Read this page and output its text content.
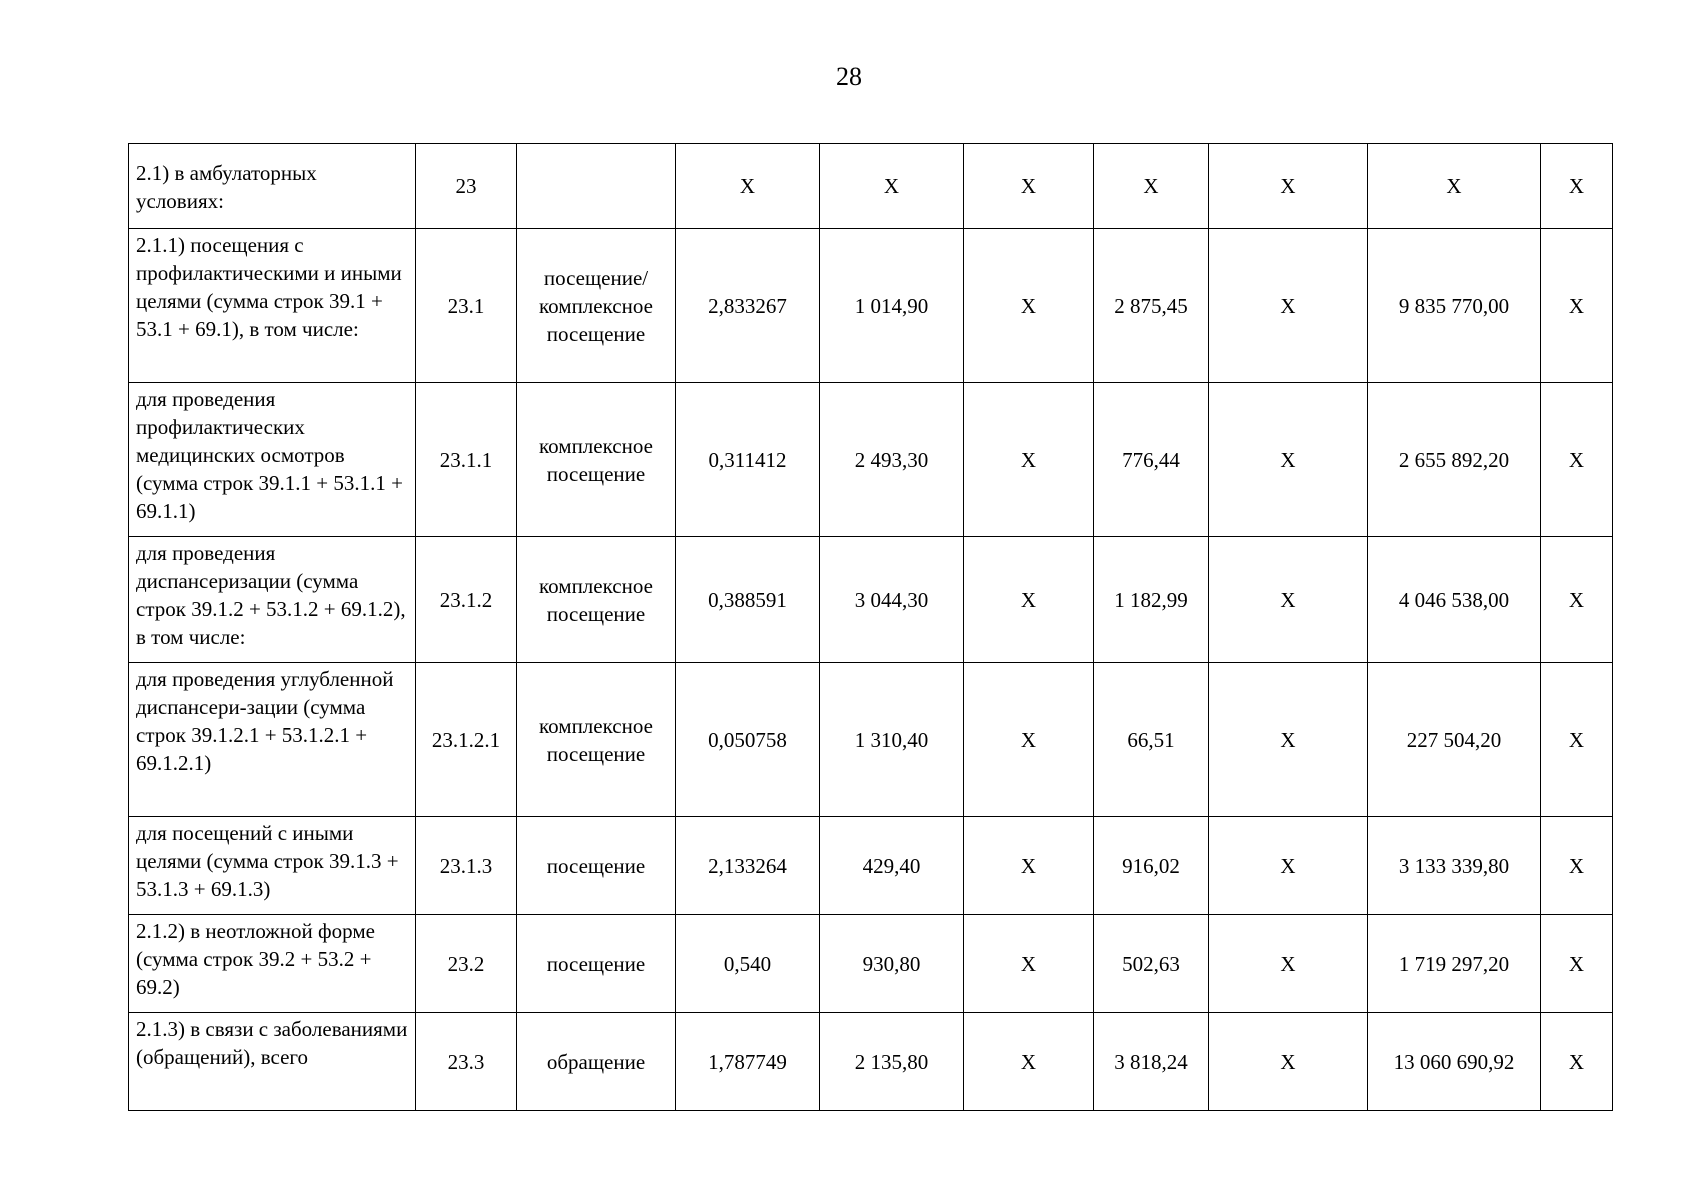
28
2.1) в амбулаторных условиях:	23		Х	Х	Х	Х	Х	Х	Х
2.1.1) посещения с профилактическими и иными целями (сумма строк 39.1 + 53.1 + 69.1), в том числе:	23.1	посещение/ комплексное посещение	2,833267	1 014,90	Х	2 875,45	Х	9 835 770,00	Х
для проведения профилактических медицинских осмотров (сумма строк 39.1.1 + 53.1.1 + 69.1.1)	23.1.1	комплексное посещение	0,311412	2 493,30	Х	776,44	Х	2 655 892,20	Х
для проведения диспансеризации (сумма строк 39.1.2 + 53.1.2 + 69.1.2), в том числе:	23.1.2	комплексное посещение	0,388591	3 044,30	Х	1 182,99	Х	4 046 538,00	Х
для проведения углубленной диспансери-зации (сумма строк 39.1.2.1 + 53.1.2.1 + 69.1.2.1)	23.1.2.1	комплексное посещение	0,050758	1 310,40	Х	66,51	Х	227 504,20	Х
для посещений с иными целями (сумма строк 39.1.3 + 53.1.3 + 69.1.3)	23.1.3	посещение	2,133264	429,40	Х	916,02	Х	3 133 339,80	Х
2.1.2) в неотложной форме (сумма строк 39.2 + 53.2 + 69.2)	23.2	посещение	0,540	930,80	Х	502,63	Х	1 719 297,20	Х
2.1.3) в связи с заболеваниями (обращений), всего	23.3	обращение	1,787749	2 135,80	Х	3 818,24	Х	13 060 690,92	Х
